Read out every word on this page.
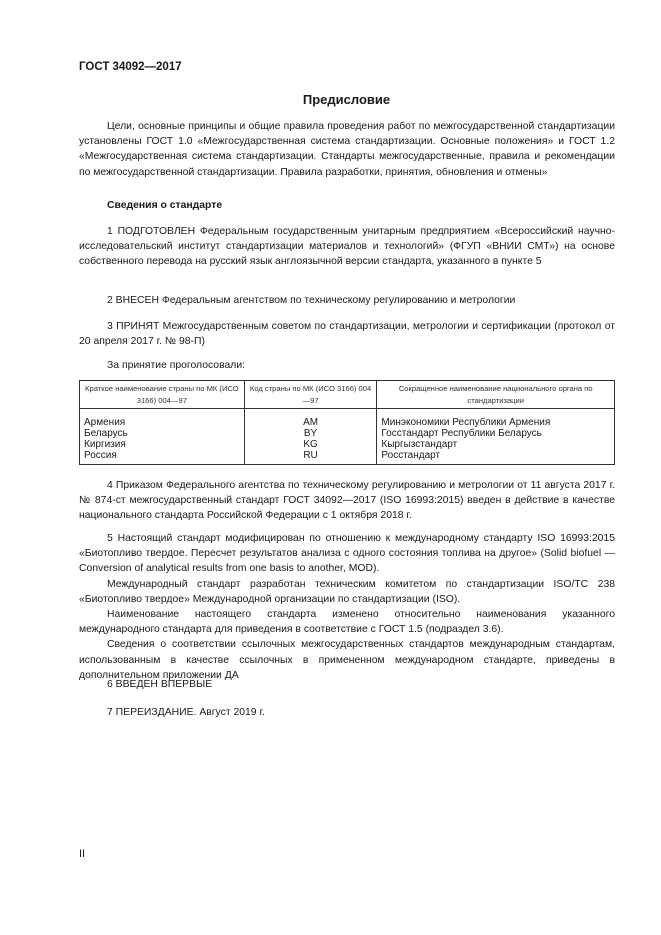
ГОСТ 34092—2017
Предисловие

Цели, основные принципы и общие правила проведения работ по межгосударственной стандартизации установлены ГОСТ 1.0 «Межгосударственная система стандартизации. Основные положения» и ГОСТ 1.2 «Межгосударственная система стандартизации. Стандарты межгосударственные, правила и рекомендации по межгосударственной стандартизации. Правила разработки, принятия, обновления и отмены»

Сведения о стандарте

1 ПОДГОТОВЛЕН Федеральным государственным унитарным предприятием «Всероссийский научно-исследовательский институт стандартизации материалов и технологий» (ФГУП «ВНИИ СМТ») на основе собственного перевода на русский язык англоязычной версии стандарта, указанного в пункте 5

2 ВНЕСЕН Федеральным агентством по техническому регулированию и метрологии

3 ПРИНЯТ Межгосударственным советом по стандартизации, метрологии и сертификации (протокол от 20 апреля 2017 г. № 98-П)

За принятие проголосовали:

Краткое наименование страны по МК (ИСО 3166) 004—97	Код страны по МК (ИСО 3166) 004—97	Сокращенное наименование национального органа по стандартизации
Армения	AM	Минэкономики Республики Армения
Беларусь	BY	Госстандарт Республики Беларусь
Киргизия	KG	Кыргызстандарт
Россия	RU	Росстандарт

4 Приказом Федерального агентства по техническому регулированию и метрологии от 11 августа 2017 г. № 874-ст межгосударственный стандарт ГОСТ 34092—2017 (ISO 16993:2015) введен в действие в качестве национального стандарта Российской Федерации с 1 октября 2018 г.

5 Настоящий стандарт модифицирован по отношению к международному стандарту ISO 16993:2015 «Биотопливо твердое. Пересчет результатов анализа с одного состояния топлива на другое» (Solid biofuel — Conversion of analytical results from one basis to another, MOD).

Международный стандарт разработан техническим комитетом по стандартизации ISO/TC 238 «Биотопливо твердое» Международной организации по стандартизации (ISO).

Наименование настоящего стандарта изменено относительно наименования указанного международного стандарта для приведения в соответствие с ГОСТ 1.5 (подраздел 3.6).

Сведения о соответствии ссылочных межгосударственных стандартов международным стандартам, использованным в качестве ссылочных в примененном международном стандарте, приведены в дополнительном приложении ДА

6 ВВЕДЕН ВПЕРВЫЕ

7 ПЕРЕИЗДАНИЕ. Август 2019 г.

II
